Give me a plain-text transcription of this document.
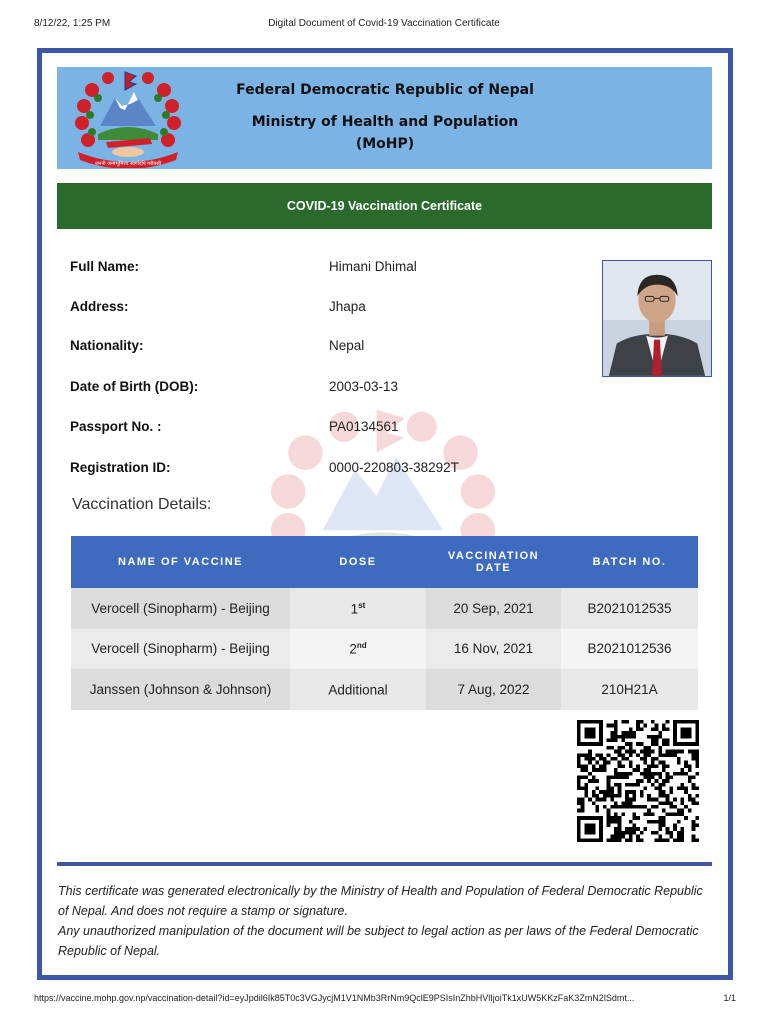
8/12/22, 1:25 PM	Digital Document of Covid-19 Vaccination Certificate
जननी जन्मभूमिश्च स्वर्गादपि गरीयसी
Federal Democratic Republic of Nepal
Ministry of Health and Population
(MoHP)
COVID-19 Vaccination Certificate
Full Name:	Himani Dhimal
Address:	Jhapa
Nationality:	Nepal
Date of Birth (DOB):	2003-03-13
Passport No. :	PA0134561
Registration ID:	0000-220803-38292T
Vaccination Details:
NAME OF VACCINE	DOSE	VACCINATION DATE	BATCH NO.
Verocell (Sinopharm) - Beijing	1st	20 Sep, 2021	B2021012535
Verocell (Sinopharm) - Beijing	2nd	16 Nov, 2021	B2021012536
Janssen (Johnson & Johnson)	Additional	7 Aug, 2022	210H21A
This certificate was generated electronically by the Ministry of Health and Population of Federal Democratic Republic of Nepal. And does not require a stamp or signature.
Any unauthorized manipulation of the document will be subject to legal action as per laws of the Federal Democratic Republic of Nepal.
https://vaccine.mohp.gov.np/vaccination-detail?id=eyJpdil6Ik85T0c3VGJycjM1V1NMb3RrNm9QclE9PSIsInZhbHVlIjoiTk1xUW5KKzFaK3ZmN2lSdmt...	1/1
